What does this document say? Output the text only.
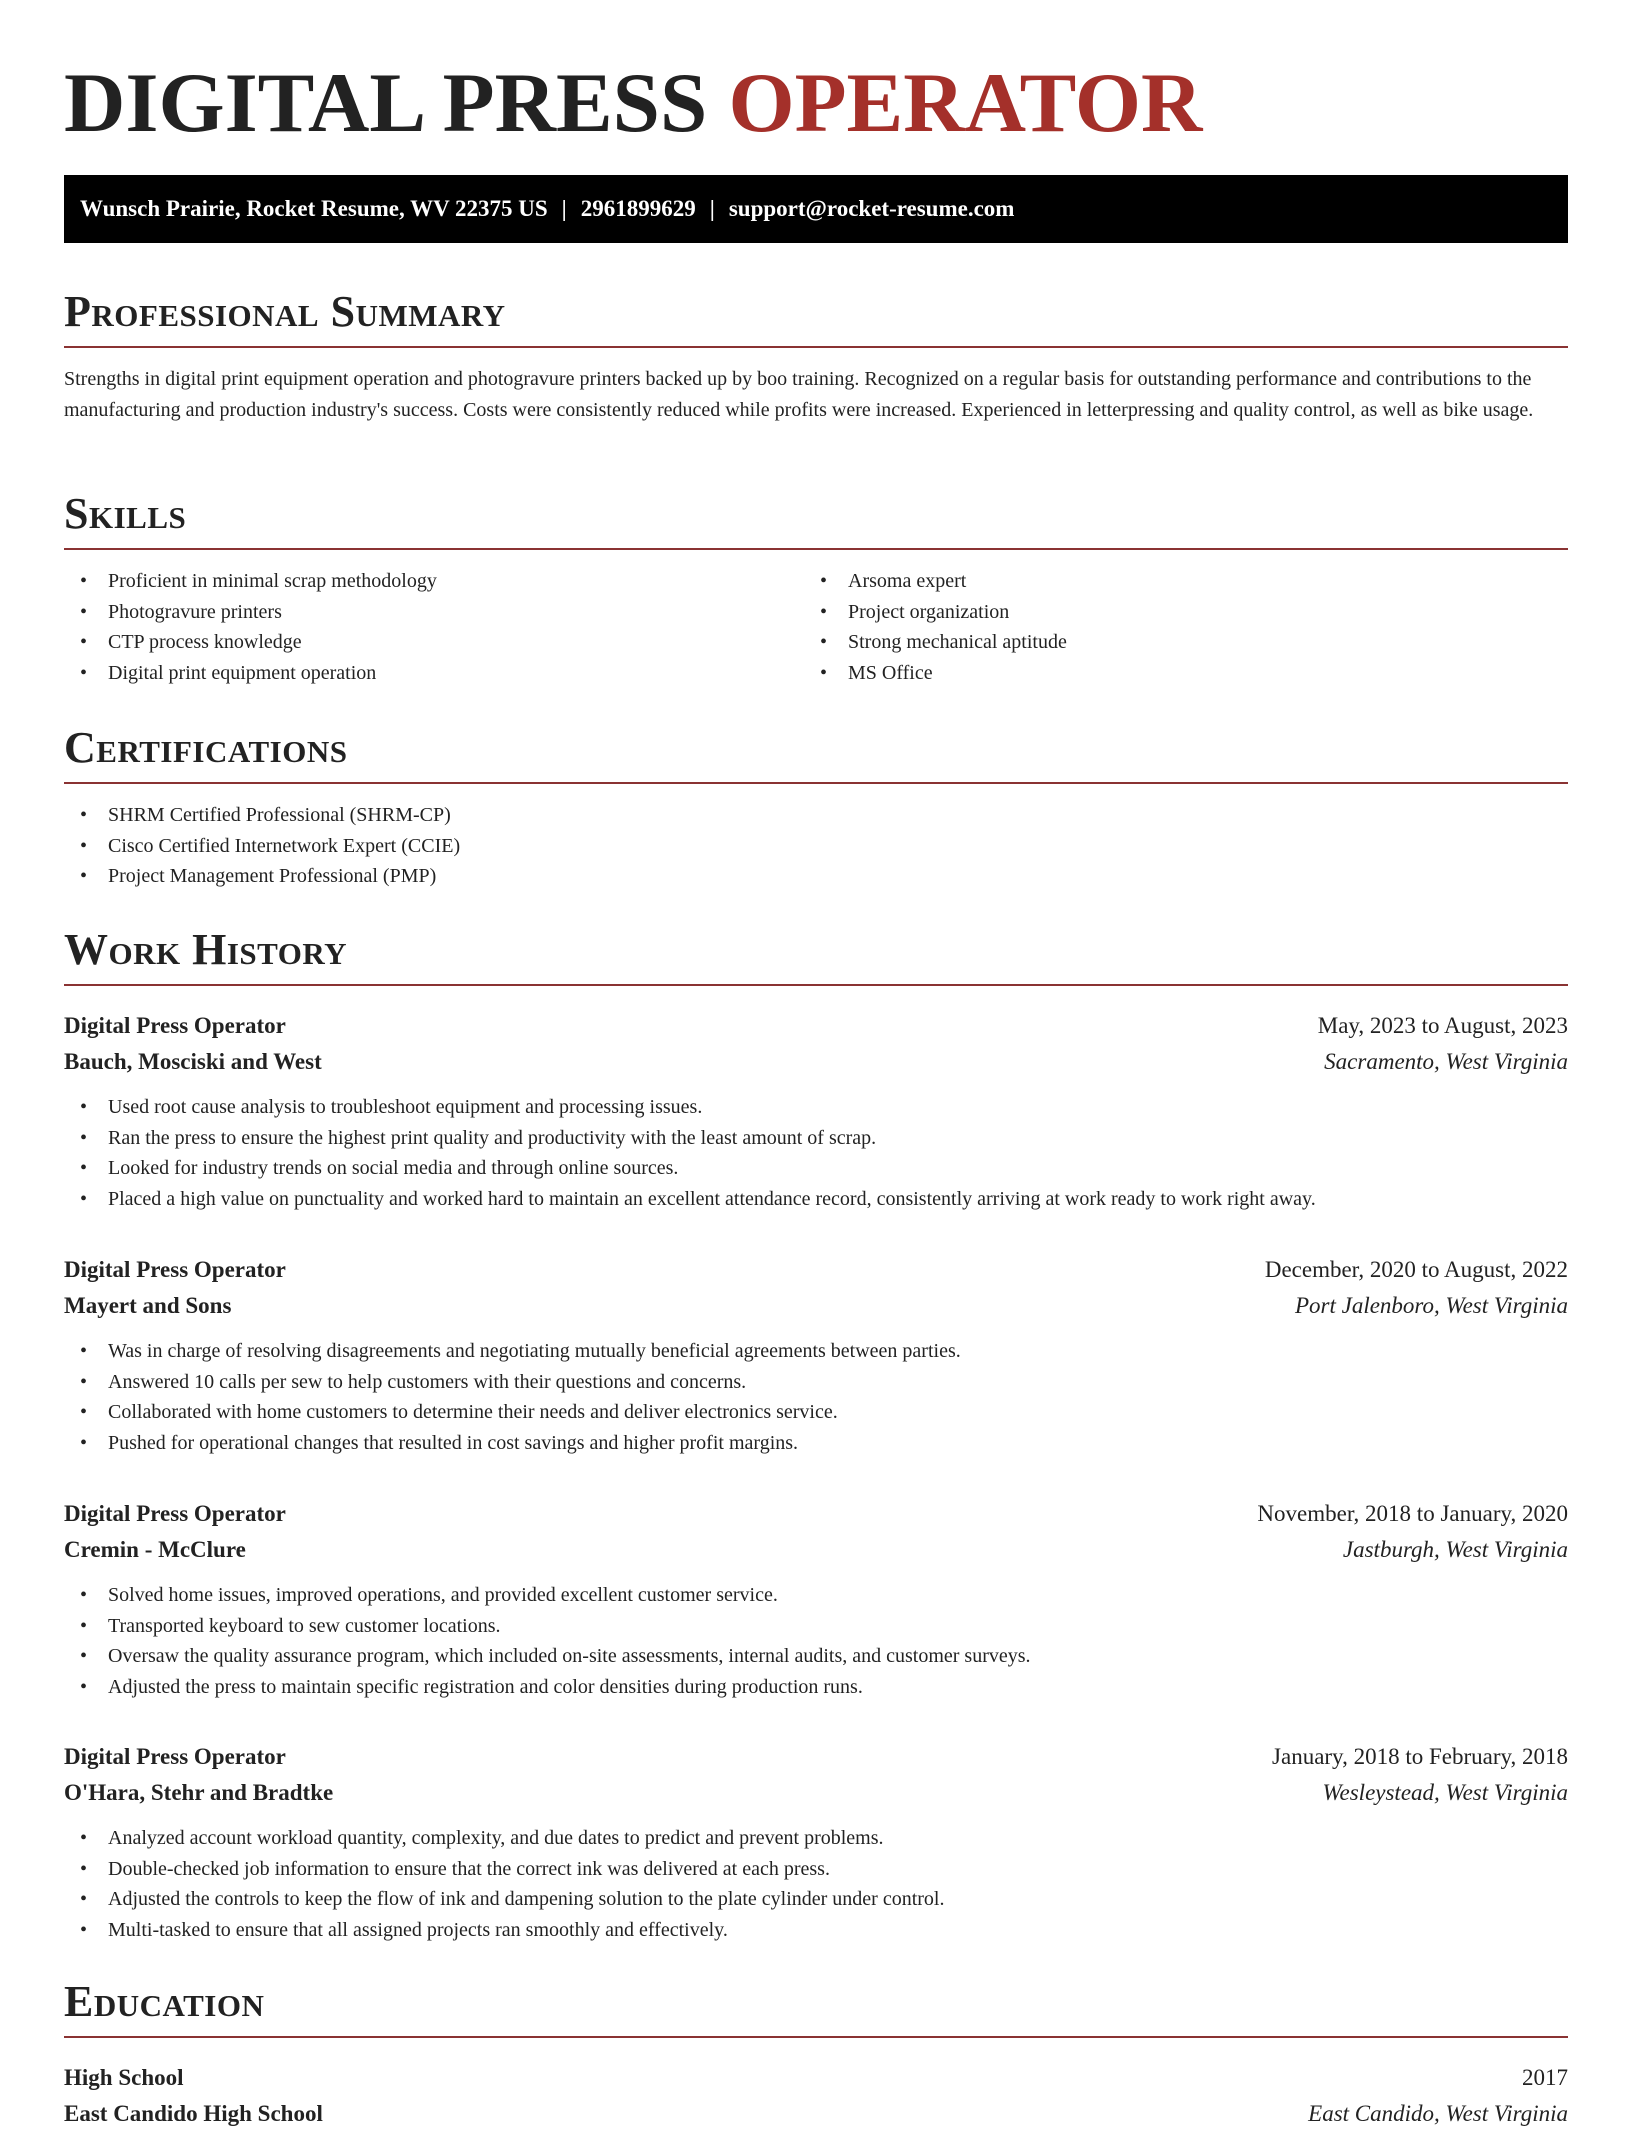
DIGITAL PRESS OPERATOR
Wunsch Prairie, Rocket Resume, WV 22375 US | 2961899629 | support@rocket-resume.com
Professional Summary
Strengths in digital print equipment operation and photogravure printers backed up by boo training. Recognized on a regular basis for outstanding performance and contributions to the manufacturing and production industry's success. Costs were consistently reduced while profits were increased. Experienced in letterpressing and quality control, as well as bike usage.
Skills
• Proficient in minimal scrap methodology
• Photogravure printers
• CTP process knowledge
• Digital print equipment operation
• Arsoma expert
• Project organization
• Strong mechanical aptitude
• MS Office
Certifications
• SHRM Certified Professional (SHRM-CP)
• Cisco Certified Internetwork Expert (CCIE)
• Project Management Professional (PMP)
Work History
Digital Press Operator	May, 2023 to August, 2023
Bauch, Mosciski and West	Sacramento, West Virginia
• Used root cause analysis to troubleshoot equipment and processing issues.
• Ran the press to ensure the highest print quality and productivity with the least amount of scrap.
• Looked for industry trends on social media and through online sources.
• Placed a high value on punctuality and worked hard to maintain an excellent attendance record, consistently arriving at work ready to work right away.
Digital Press Operator	December, 2020 to August, 2022
Mayert and Sons	Port Jalenboro, West Virginia
• Was in charge of resolving disagreements and negotiating mutually beneficial agreements between parties.
• Answered 10 calls per sew to help customers with their questions and concerns.
• Collaborated with home customers to determine their needs and deliver electronics service.
• Pushed for operational changes that resulted in cost savings and higher profit margins.
Digital Press Operator	November, 2018 to January, 2020
Cremin - McClure	Jastburgh, West Virginia
• Solved home issues, improved operations, and provided excellent customer service.
• Transported keyboard to sew customer locations.
• Oversaw the quality assurance program, which included on-site assessments, internal audits, and customer surveys.
• Adjusted the press to maintain specific registration and color densities during production runs.
Digital Press Operator	January, 2018 to February, 2018
O'Hara, Stehr and Bradtke	Wesleystead, West Virginia
• Analyzed account workload quantity, complexity, and due dates to predict and prevent problems.
• Double-checked job information to ensure that the correct ink was delivered at each press.
• Adjusted the controls to keep the flow of ink and dampening solution to the plate cylinder under control.
• Multi-tasked to ensure that all assigned projects ran smoothly and effectively.
Education
High School	2017
East Candido High School	East Candido, West Virginia
